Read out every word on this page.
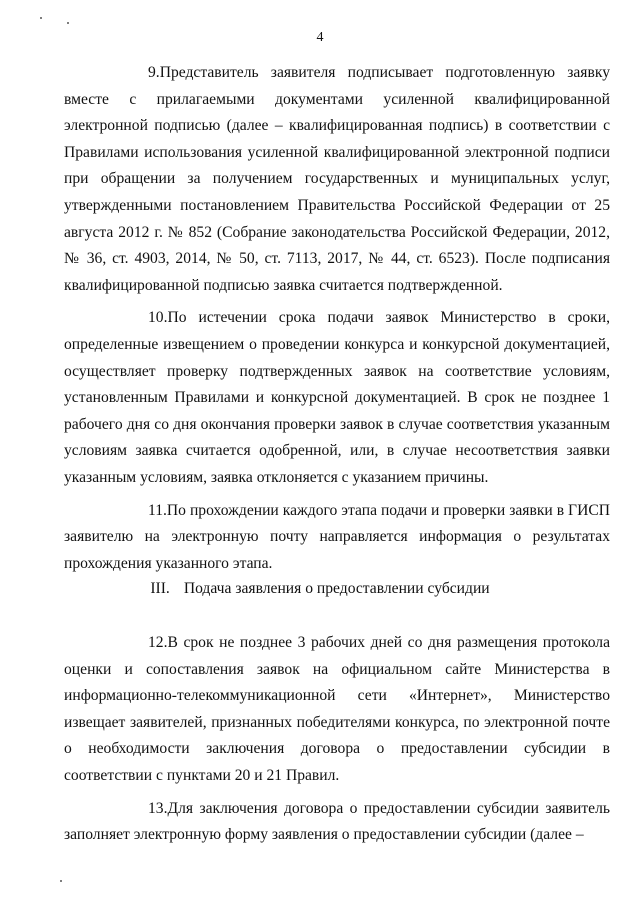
4

9.Представитель заявителя подписывает подготовленную заявку вместе с прилагаемыми документами усиленной квалифицированной электронной подписью (далее – квалифицированная подпись) в соответствии с Правилами использования усиленной квалифицированной электронной подписи при обращении за получением государственных и муниципальных услуг, утвержденными постановлением Правительства Российской Федерации от 25 августа 2012 г. № 852 (Собрание законодательства Российской Федерации, 2012, № 36, ст. 4903, 2014, № 50, ст. 7113, 2017, № 44, ст. 6523). После подписания квалифицированной подписью заявка считается подтвержденной.

10.По истечении срока подачи заявок Министерство в сроки, определенные извещением о проведении конкурса и конкурсной документацией, осуществляет проверку подтвержденных заявок на соответствие условиям, установленным Правилами и конкурсной документацией. В срок не позднее 1 рабочего дня со дня окончания проверки заявок в случае соответствия указанным условиям заявка считается одобренной, или, в случае несоответствия заявки указанным условиям, заявка отклоняется с указанием причины.

11.По прохождении каждого этапа подачи и проверки заявки в ГИСП заявителю на электронную почту направляется информация о результатах прохождения указанного этапа.

III. Подача заявления о предоставлении субсидии

12.В срок не позднее 3 рабочих дней со дня размещения протокола оценки и сопоставления заявок на официальном сайте Министерства в информационно-телекоммуникационной сети «Интернет», Министерство извещает заявителей, признанных победителями конкурса, по электронной почте о необходимости заключения договора о предоставлении субсидии в соответствии с пунктами 20 и 21 Правил.

13.Для заключения договора о предоставлении субсидии заявитель заполняет электронную форму заявления о предоставлении субсидии (далее –
